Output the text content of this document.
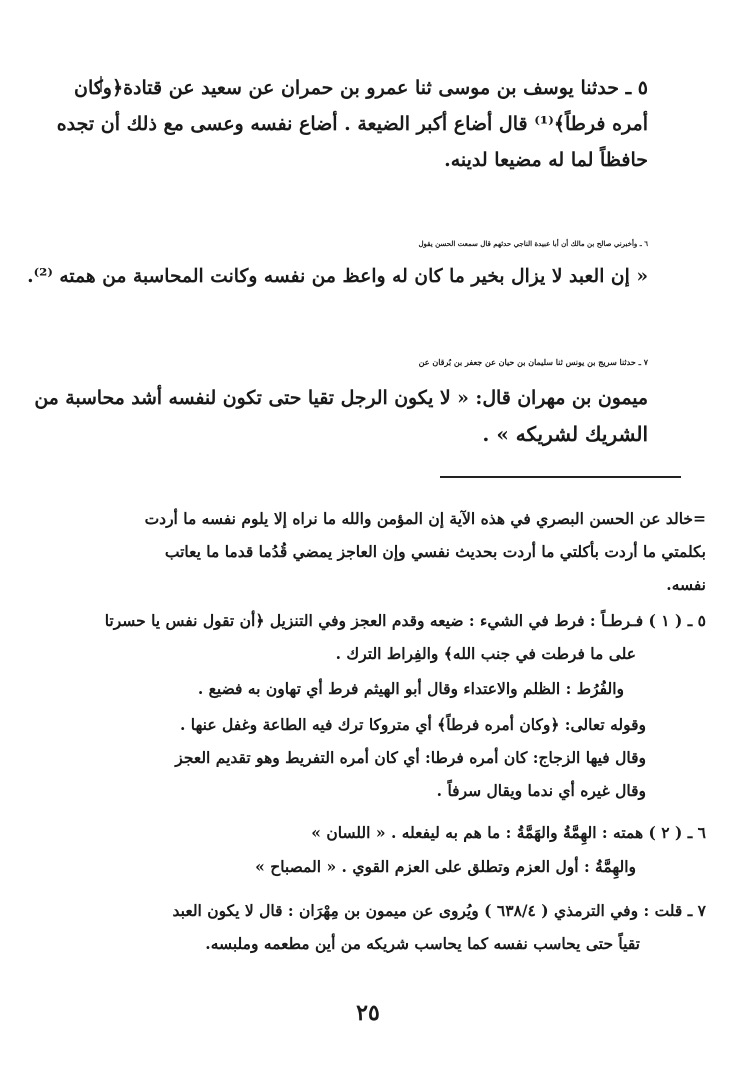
٥ ـ حدثنا يوسف بن موسى ثنا عمرو بن حمران عن سعيد عن قتادة﴿وكان
أمره فرطاً﴾⁽¹⁾ قال أضاع أكبر الضيعة . أضاع نفسه وعسى مع ذلك أن تجده
حافظاً لما له مضيعا لدينه.
٦ ـ وأخبرني صالح بن مالك أن أبا عبيدة الناجي حدثهم قال سمعت الحسن يقول
« إن العبد لا يزال بخير ما كان له واعظ من نفسه وكانت المحاسبة من همته ⁽²⁾.
٧ ـ حدثنا سريج بن يونس ثنا سليمان بن حيان عن جعفر بن بُرقان عن
ميمون بن مهران قال: « لا يكون الرجل تقيا حتى تكون لنفسه أشد محاسبة من
الشريك لشريكه » .
=خالد عن الحسن البصري في هذه الآية إن المؤمن والله ما نراه إلا يلوم نفسه ما أردت
بكلمتي ما أردت بأكلتي ما أردت بحديث نفسي وإن العاجز يمضي قُدُما قدما ما يعاتب
نفسه.
٥ ـ ( ١ ) فـرطـاً : فرط في الشيء : ضيعه وقدم العجز وفي التنزيل ﴿أن تقول نفس يا حسرتا
على ما فرطت في جنب الله﴾ والفِراط الترك .
والفُرُط : الظلم والاعتداء وقال أبو الهيثم فرط أي تهاون به فضيع .
وقوله تعالى: ﴿وكان أمره فرطاً﴾ أي متروكا ترك فيه الطاعة وغفل عنها .
وقال فيها الزجاج: كان أمره فرطا: أي كان أمره التفريط وهو تقديم العجز
وقال غيره أي ندما ويقال سرفاً .
٦ ـ ( ٢ ) همته : الهِمَّةُ والهَمَّةُ : ما هم به ليفعله . « اللسان »
والهِمَّةُ : أول العزم وتطلق على العزم القوي . « المصباح »
٧ ـ قلت : وفي الترمذي ( ٦٣٨/٤ ) ويُروى عن ميمون بن مِهْرَان : قال لا يكون العبد
تقياً حتى يحاسب نفسه كما يحاسب شريكه من أين مطعمه وملبسه.
٢٥
